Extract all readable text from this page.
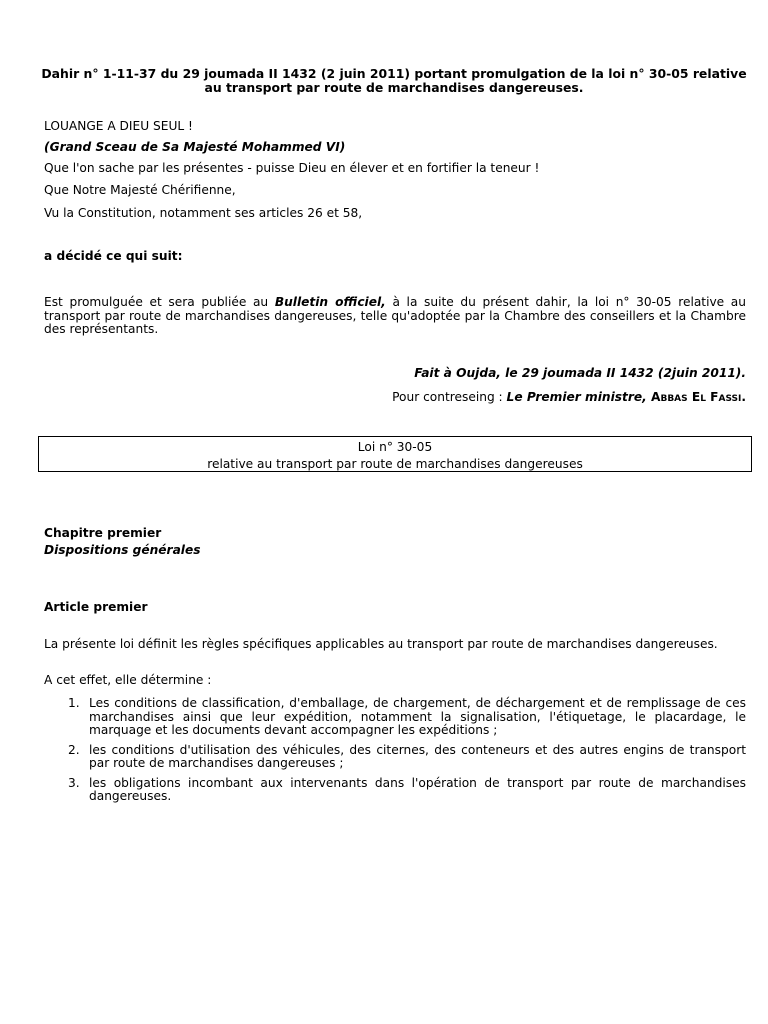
Dahir n° 1-11-37 du 29 joumada II 1432 (2 juin 2011) portant promulgation de la loi n° 30-05 relative au transport par route de marchandises dangereuses.
LOUANGE A DIEU SEUL !
(Grand Sceau de Sa Majesté Mohammed VI)
Que l'on sache par les présentes - puisse Dieu en élever et en fortifier la teneur !
Que Notre Majesté Chérifienne,
Vu la Constitution, notamment ses articles 26 et 58,
a décidé ce qui suit:
Est promulguée et sera publiée au Bulletin officiel, à la suite du présent dahir, la loi n° 30-05 relative au transport par route de marchandises dangereuses, telle qu'adoptée par la Chambre des conseillers et la Chambre des représentants.
Fait à Oujda, le 29 joumada II 1432 (2juin 2011).
Pour contreseing : Le Premier ministre, Abbas El Fassi.
Loi n° 30-05
relative au transport par route de marchandises dangereuses
Chapitre premier
Dispositions générales
Article premier
La présente loi définit les règles spécifiques applicables au transport par route de marchandises dangereuses.
A cet effet, elle détermine :
1. Les conditions de classification, d'emballage, de chargement, de déchargement et de remplissage de ces marchandises ainsi que leur expédition, notamment la signalisation, l'étiquetage, le placardage, le marquage et les documents devant accompagner les expéditions ;
2. les conditions d'utilisation des véhicules, des citernes, des conteneurs et des autres engins de transport par route de marchandises dangereuses ;
3. les obligations incombant aux intervenants dans l'opération de transport par route de marchandises dangereuses.
